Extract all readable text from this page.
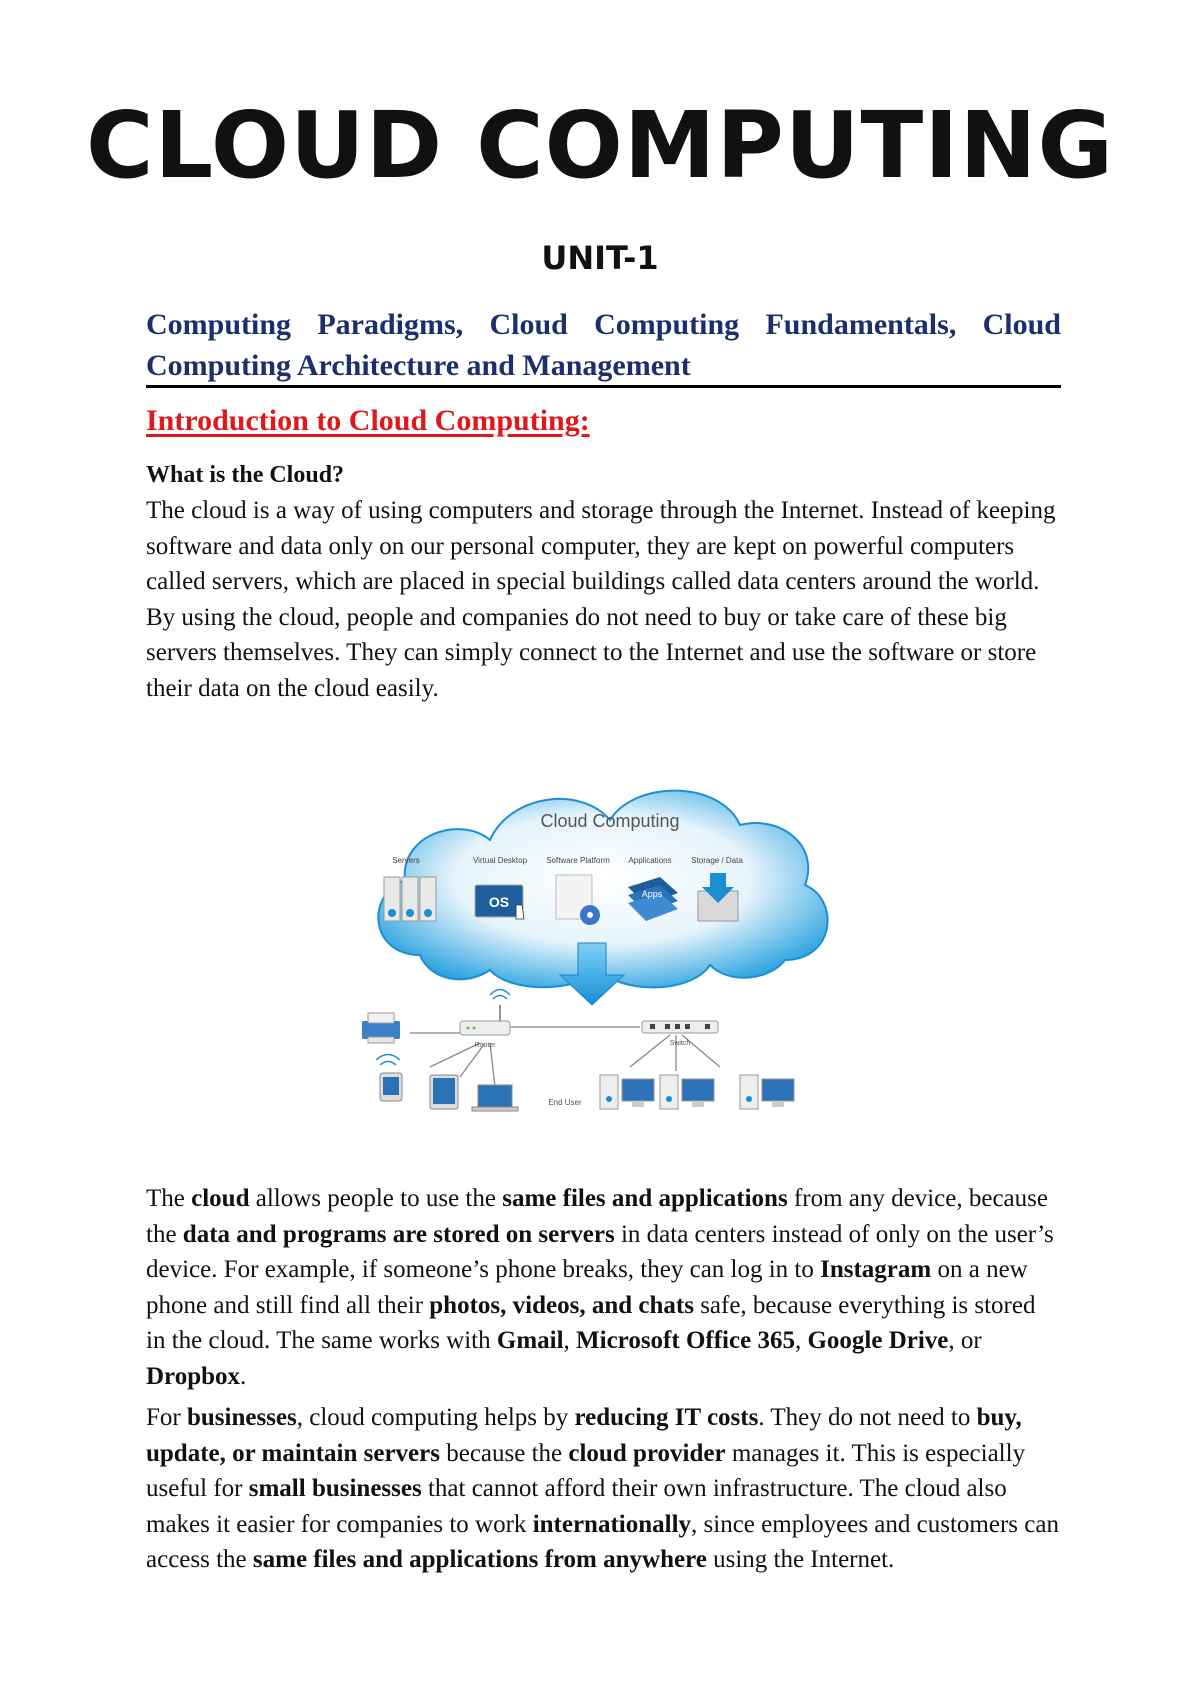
CLOUD COMPUTING
UNIT-1

Computing Paradigms, Cloud Computing Fundamentals, Cloud Computing Architecture and Management

Introduction to Cloud Computing:

What is the Cloud?

The cloud is a way of using computers and storage through the Internet. Instead of keeping software and data only on our personal computer, they are kept on powerful computers called servers, which are placed in special buildings called data centers around the world. By using the cloud, people and companies do not need to buy or take care of these big servers themselves. They can simply connect to the Internet and use the software or store their data on the cloud easily.

Cloud Computing
Servers	Virtual Desktop Software Platform Applications Storage / Data
OS	Apps
Router	Switch
End User

The cloud allows people to use the same files and applications from any device, because the data and programs are stored on servers in data centers instead of only on the user’s device. For example, if someone’s phone breaks, they can log in to Instagram on a new phone and still find all their photos, videos, and chats safe, because everything is stored in the cloud. The same works with Gmail, Microsoft Office 365, Google Drive, or Dropbox.

For businesses, cloud computing helps by reducing IT costs. They do not need to buy, update, or maintain servers because the cloud provider manages it. This is especially useful for small businesses that cannot afford their own infrastructure. The cloud also makes it easier for companies to work internationally, since employees and customers can access the same files and applications from anywhere using the Internet.
